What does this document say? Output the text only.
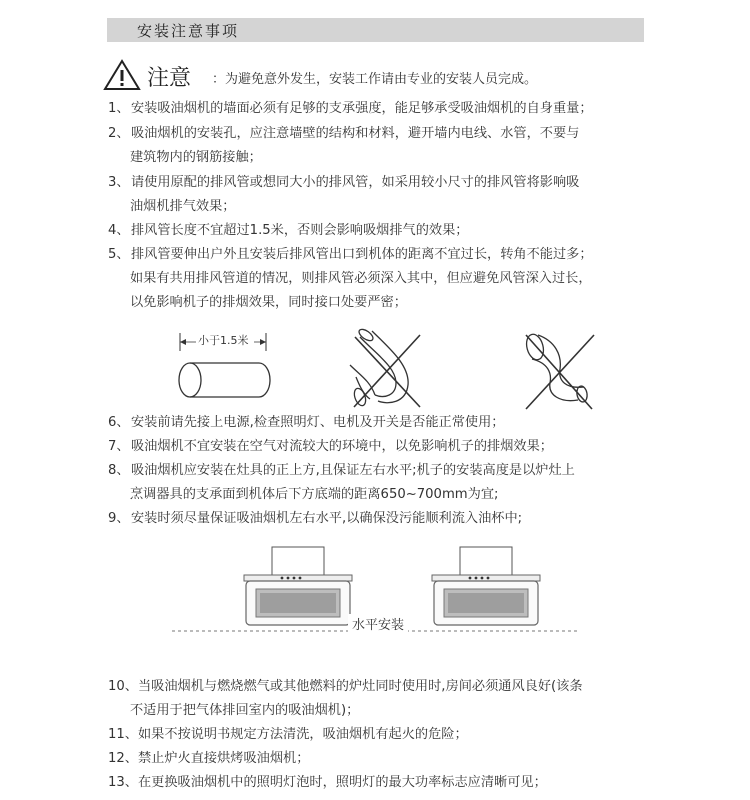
安装注意事项
注意 ：为避免意外发生，安装工作请由专业的安装人员完成。
1、安装吸油烟机的墙面必须有足够的支承强度，能足够承受吸油烟机的自身重量；
2、吸油烟机的安装孔，应注意墙壁的结构和材料，避开墙内电线、水管，不要与
建筑物内的钢筋接触；
3、请使用原配的排风管或想同大小的排风管，如采用较小尺寸的排风管将影响吸
油烟机排气效果；
4、排风管长度不宜超过1.5米，否则会影响吸烟排气的效果；
5、排风管要伸出户外且安装后排风管出口到机体的距离不宜过长，转角不能过多；
如果有共用排风管道的情况，则排风管必须深入其中，但应避免风管深入过长，
以免影响机子的排烟效果，同时接口处要严密；
小于1.5米
6、安装前请先接上电源,检查照明灯、电机及开关是否能正常使用；
7、吸油烟机不宜安装在空气对流较大的环境中，以免影响机子的排烟效果；
8、吸油烟机应安装在灶具的正上方,且保证左右水平;机子的安装高度是以炉灶上
烹调器具的支承面到机体后下方底端的距离650~700mm为宜;
9、安装时须尽量保证吸油烟机左右水平,以确保没污能顺利流入油杯中;
水平安装
10、当吸油烟机与燃烧燃气或其他燃料的炉灶同时使用时,房间必须通风良好(该条
不适用于把气体排回室内的吸油烟机)；
11、如果不按说明书规定方法清洗，吸油烟机有起火的危险；
12、禁止炉火直接烘烤吸油烟机；
13、在更换吸油烟机中的照明灯泡时，照明灯的最大功率标志应清晰可见；
